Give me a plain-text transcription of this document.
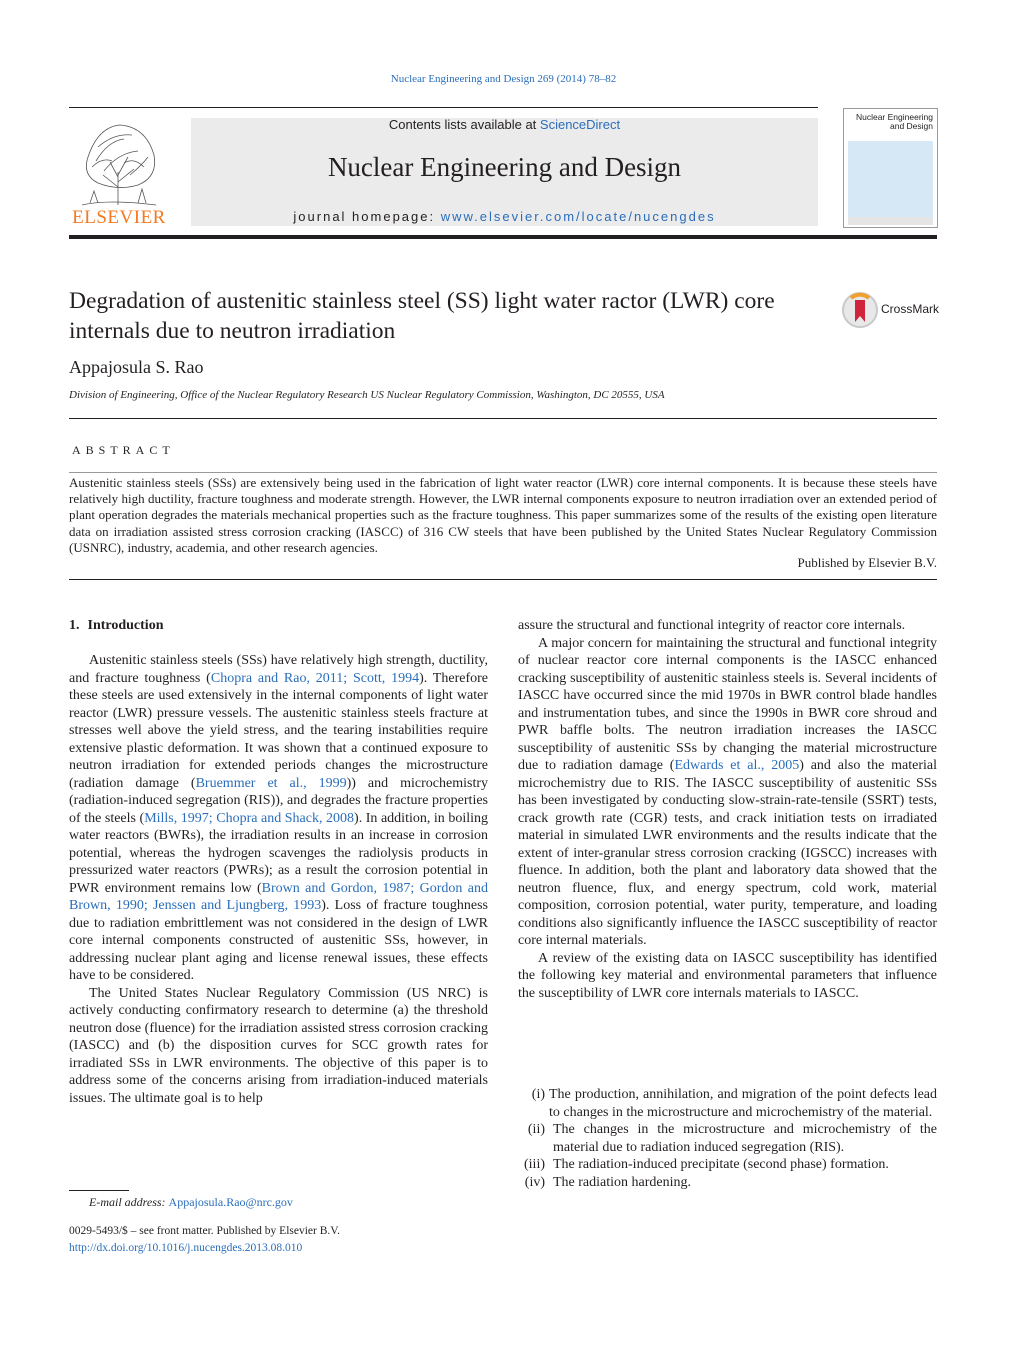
Nuclear Engineering and Design 269 (2014) 78–82
ELSEVIER
Contents lists available at ScienceDirect
Nuclear Engineering and Design
journal homepage: www.elsevier.com/locate/nucengdes
Nuclear Engineering and Design
Degradation of austenitic stainless steel (SS) light water ractor (LWR) core internals due to neutron irradiation
CrossMark
Appajosula S. Rao
Division of Engineering, Office of the Nuclear Regulatory Research US Nuclear Regulatory Commission, Washington, DC 20555, USA
ABSTRACT
Austenitic stainless steels (SSs) are extensively being used in the fabrication of light water reactor (LWR) core internal components. It is because these steels have relatively high ductility, fracture toughness and moderate strength. However, the LWR internal components exposure to neutron irradiation over an extended period of plant operation degrades the materials mechanical properties such as the fracture toughness. This paper summarizes some of the results of the existing open literature data on irradiation assisted stress corrosion cracking (IASCC) of 316 CW steels that have been published by the United States Nuclear Regulatory Commission (USNRC), industry, academia, and other research agencies.
Published by Elsevier B.V.
1. Introduction

Austenitic stainless steels (SSs) have relatively high strength, ductility, and fracture toughness (Chopra and Rao, 2011; Scott, 1994). Therefore these steels are used extensively in the internal components of light water reactor (LWR) pressure vessels. The austenitic stainless steels fracture at stresses well above the yield stress, and the tearing instabilities require extensive plastic deformation. It was shown that a continued exposure to neutron irradiation for extended periods changes the microstructure (radiation damage (Bruemmer et al., 1999)) and microchemistry (radiation-induced segregation (RIS)), and degrades the fracture properties of the steels (Mills, 1997; Chopra and Shack, 2008). In addition, in boiling water reactors (BWRs), the irradiation results in an increase in corrosion potential, whereas the hydrogen scavenges the radiolysis products in pressurized water reactors (PWRs); as a result the corrosion potential in PWR environment remains low (Brown and Gordon, 1987; Gordon and Brown, 1990; Jenssen and Ljungberg, 1993). Loss of fracture toughness due to radiation embrittlement was not considered in the design of LWR core internal components constructed of austenitic SSs, however, in addressing nuclear plant aging and license renewal issues, these effects have to be considered.

The United States Nuclear Regulatory Commission (US NRC) is actively conducting confirmatory research to determine (a) the threshold neutron dose (fluence) for the irradiation assisted stress corrosion cracking (IASCC) and (b) the disposition curves for SCC growth rates for irradiated SSs in LWR environments. The objective of this paper is to address some of the concerns arising from irradiation-induced materials issues. The ultimate goal is to help

assure the structural and functional integrity of reactor core internals.

A major concern for maintaining the structural and functional integrity of nuclear reactor core internal components is the IASCC enhanced cracking susceptibility of austenitic stainless steels is. Several incidents of IASCC have occurred since the mid 1970s in BWR control blade handles and instrumentation tubes, and since the 1990s in BWR core shroud and PWR baffle bolts. The neutron irradiation increases the IASCC susceptibility of austenitic SSs by changing the material microstructure due to radiation damage (Edwards et al., 2005) and also the material microchemistry due to RIS. The IASCC susceptibility of austenitic SSs has been investigated by conducting slow-strain-rate-tensile (SSRT) tests, crack growth rate (CGR) tests, and crack initiation tests on irradiated material in simulated LWR environments and the results indicate that the extent of inter-granular stress corrosion cracking (IGSCC) increases with fluence. In addition, both the plant and laboratory data showed that the neutron fluence, flux, and energy spectrum, cold work, material composition, corrosion potential, water purity, temperature, and loading conditions also significantly influence the IASCC susceptibility of reactor core internal materials.

A review of the existing data on IASCC susceptibility has identified the following key material and environmental parameters that influence the susceptibility of LWR core internals materials to IASCC.

(i) The production, annihilation, and migration of the point defects lead to changes in the microstructure and microchemistry of the material.
(ii) The changes in the microstructure and microchemistry of the material due to radiation induced segregation (RIS).
(iii) The radiation-induced precipitate (second phase) formation.
(iv) The radiation hardening.
E-mail address: Appajosula.Rao@nrc.gov
0029-5493/$ – see front matter. Published by Elsevier B.V.
http://dx.doi.org/10.1016/j.nucengdes.2013.08.010
